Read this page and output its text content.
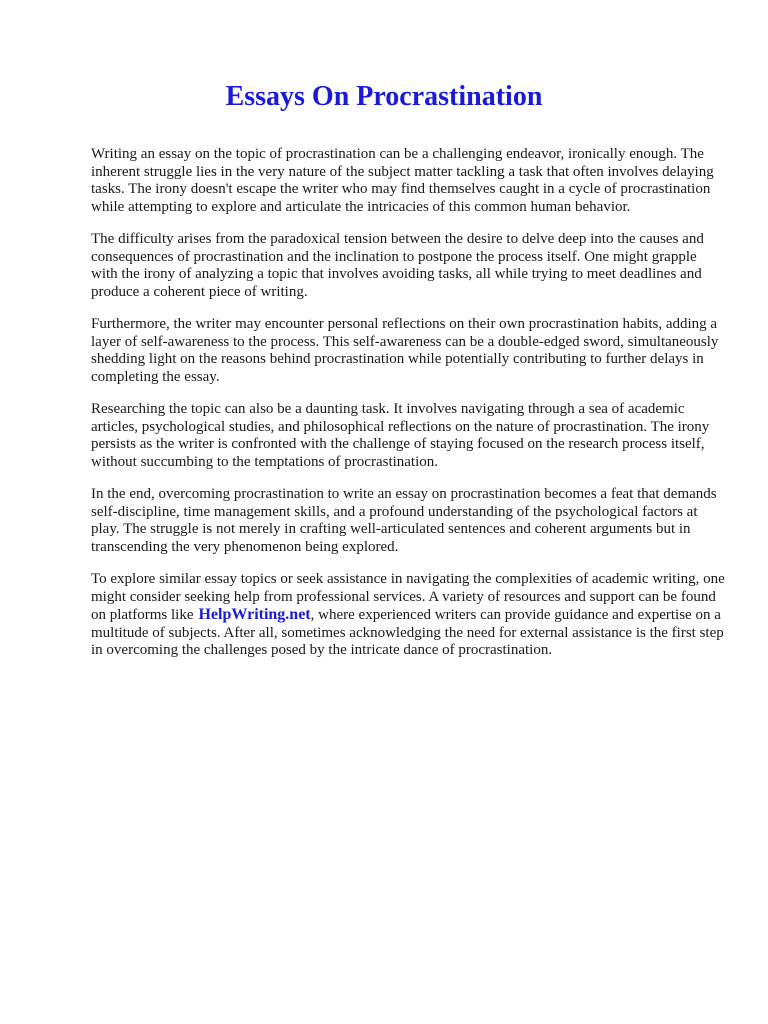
Essays On Procrastination

Writing an essay on the topic of procrastination can be a challenging endeavor, ironically enough. The inherent struggle lies in the very nature of the subject matter tackling a task that often involves delaying tasks. The irony doesn't escape the writer who may find themselves caught in a cycle of procrastination while attempting to explore and articulate the intricacies of this common human behavior.

The difficulty arises from the paradoxical tension between the desire to delve deep into the causes and consequences of procrastination and the inclination to postpone the process itself. One might grapple with the irony of analyzing a topic that involves avoiding tasks, all while trying to meet deadlines and produce a coherent piece of writing.

Furthermore, the writer may encounter personal reflections on their own procrastination habits, adding a layer of self-awareness to the process. This self-awareness can be a double-edged sword, simultaneously shedding light on the reasons behind procrastination while potentially contributing to further delays in completing the essay.

Researching the topic can also be a daunting task. It involves navigating through a sea of academic articles, psychological studies, and philosophical reflections on the nature of procrastination. The irony persists as the writer is confronted with the challenge of staying focused on the research process itself, without succumbing to the temptations of procrastination.

In the end, overcoming procrastination to write an essay on procrastination becomes a feat that demands self-discipline, time management skills, and a profound understanding of the psychological factors at play. The struggle is not merely in crafting well-articulated sentences and coherent arguments but in transcending the very phenomenon being explored.

To explore similar essay topics or seek assistance in navigating the complexities of academic writing, one might consider seeking help from professional services. A variety of resources and support can be found on platforms like HelpWriting.net, where experienced writers can provide guidance and expertise on a multitude of subjects. After all, sometimes acknowledging the need for external assistance is the first step in overcoming the challenges posed by the intricate dance of procrastination.
